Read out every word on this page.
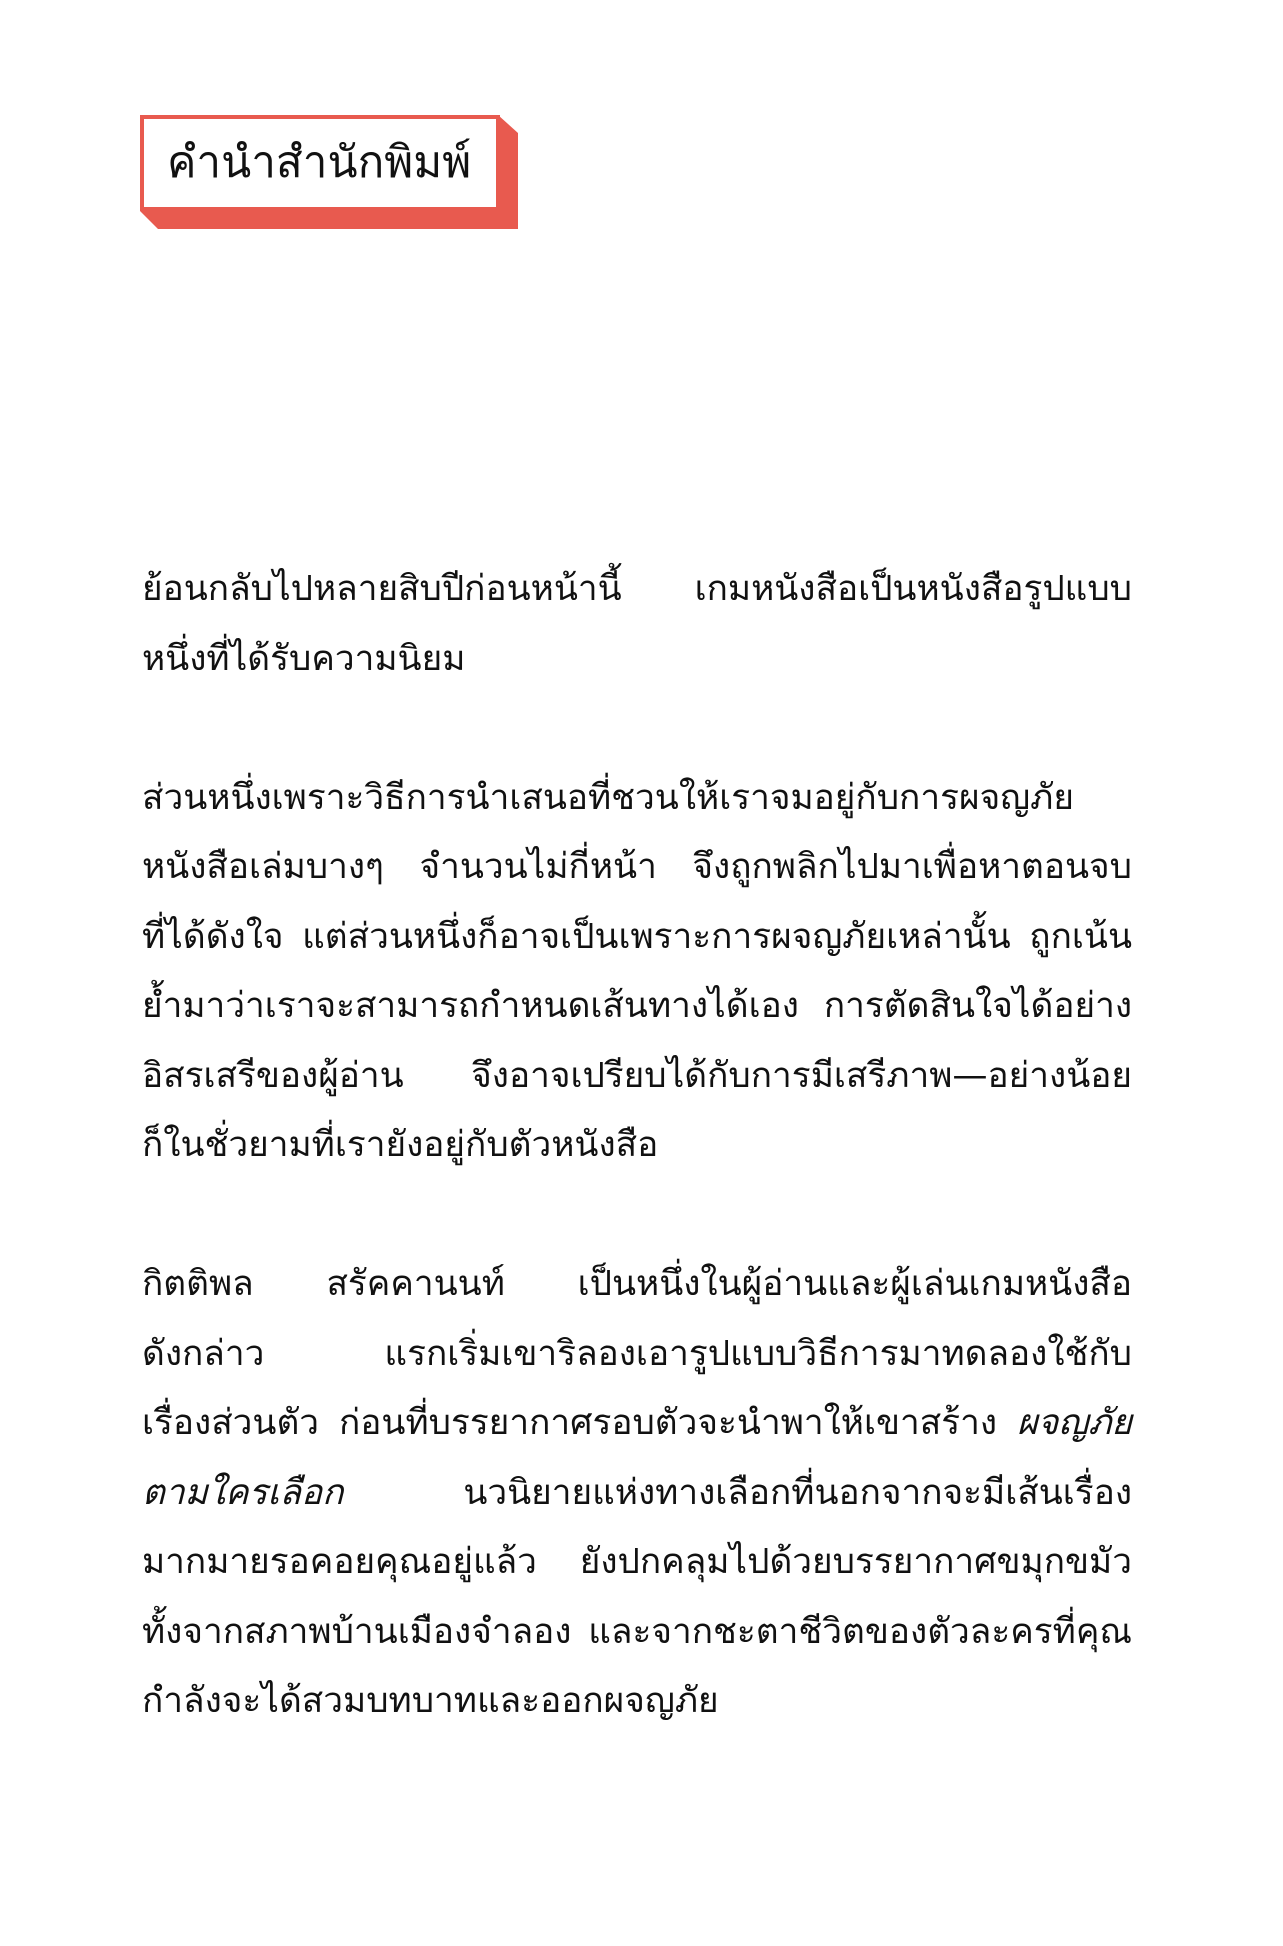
คำนำสำนักพิมพ์
ย้อนกลับไปหลายสิบปีก่อนหน้านี้ เกมหนังสือเป็นหนังสือรูปแบบ
หนึ่งที่ได้รับความนิยม
ส่วนหนึ่งเพราะวิธีการนำเสนอที่ชวนให้เราจมอยู่กับการผจญภัย
หนังสือเล่มบางๆ จำนวนไม่กี่หน้า จึงถูกพลิกไปมาเพื่อหาตอนจบ
ที่ได้ดังใจ แต่ส่วนหนึ่งก็อาจเป็นเพราะการผจญภัยเหล่านั้น ถูกเน้น
ย้ำมาว่าเราจะสามารถกำหนดเส้นทางได้เอง การตัดสินใจได้อย่าง
อิสรเสรีของผู้อ่าน จึงอาจเปรียบได้กับการมีเสรีภาพ—อย่างน้อย
ก็ในชั่วยามที่เรายังอยู่กับตัวหนังสือ
กิตติพล สรัคคานนท์ เป็นหนึ่งในผู้อ่านและผู้เล่นเกมหนังสือ
ดังกล่าว แรกเริ่มเขาริลองเอารูปแบบวิธีการมาทดลองใช้กับ
เรื่องส่วนตัว ก่อนที่บรรยากาศรอบตัวจะนำพาให้เขาสร้าง ผจญภัย
ตามใครเลือก	นวนิยายแห่งทางเลือกที่นอกจากจะมีเส้นเรื่อง
มากมายรอคอยคุณอยู่แล้ว ยังปกคลุมไปด้วยบรรยากาศขมุกขมัว
ทั้งจากสภาพบ้านเมืองจำลอง และจากชะตาชีวิตของตัวละครที่คุณ
กำลังจะได้สวมบทบาทและออกผจญภัย
